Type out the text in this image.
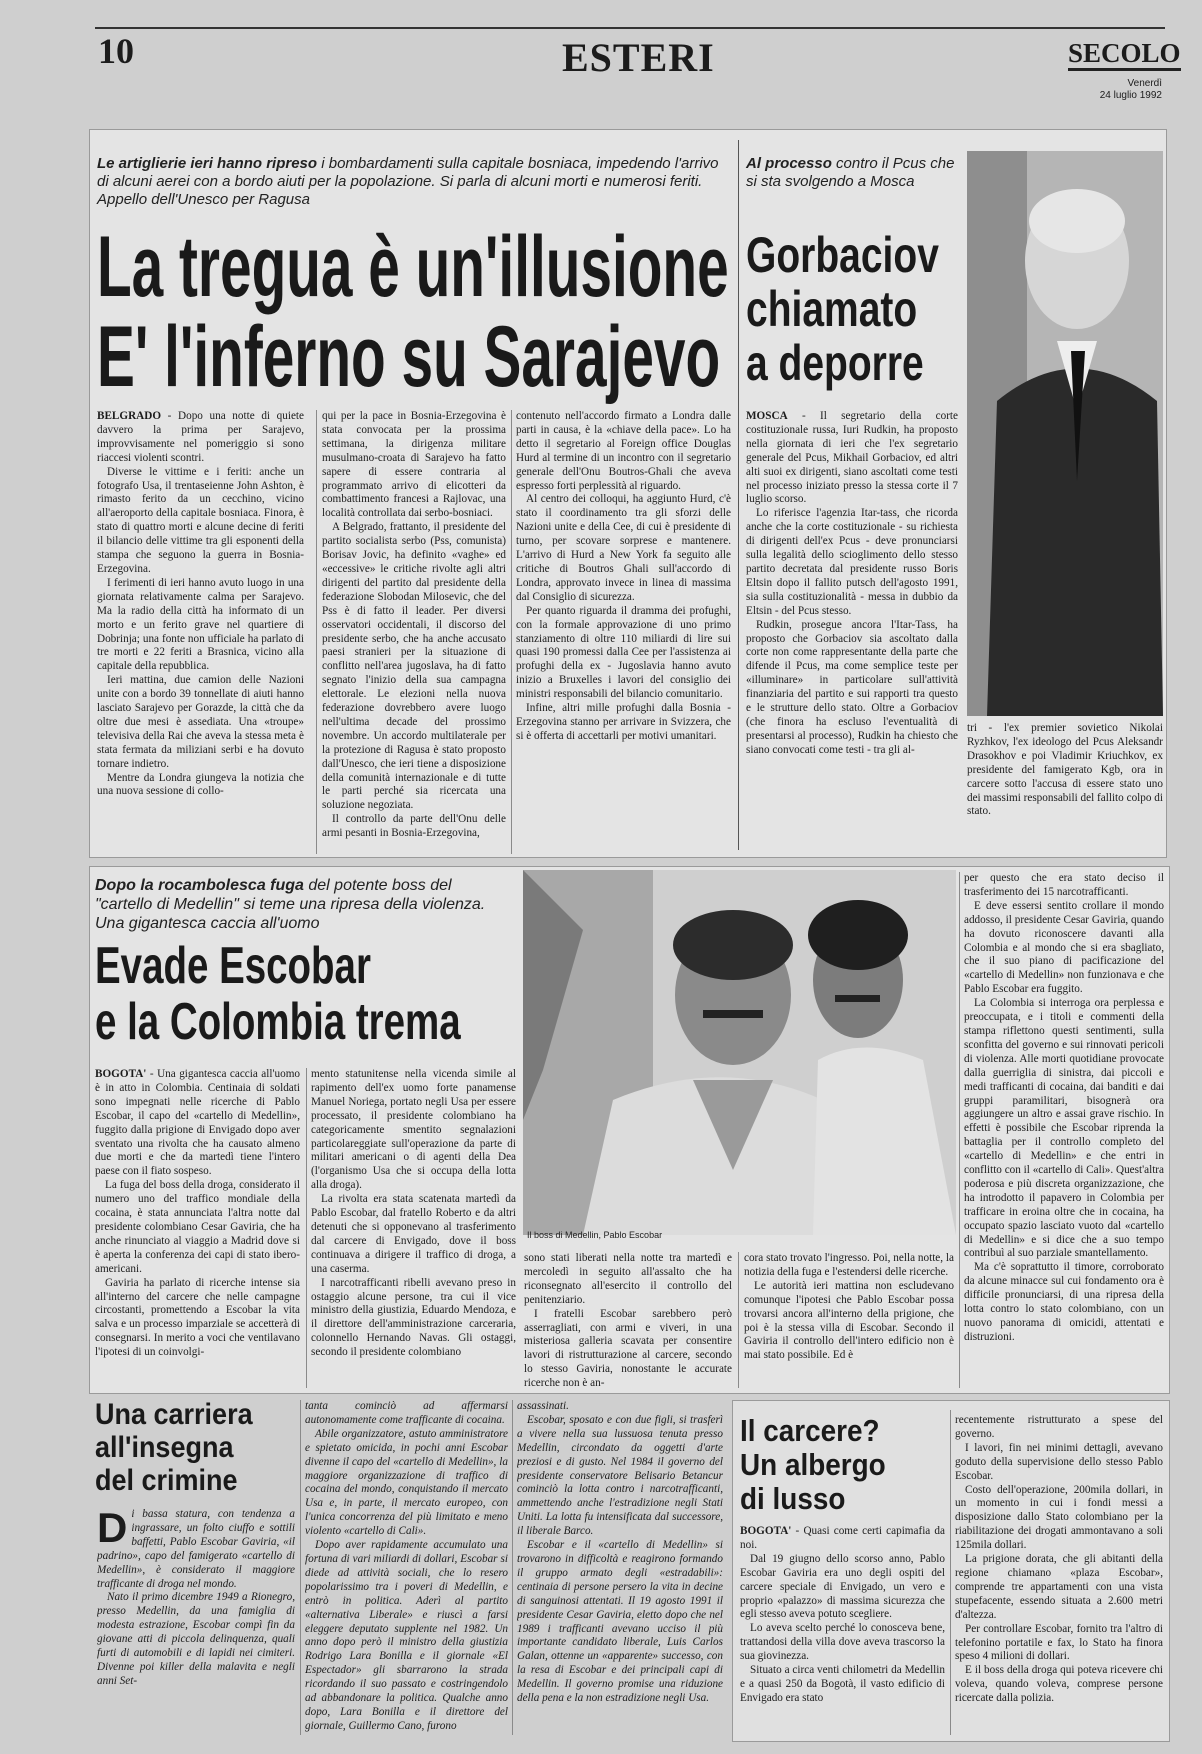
10	ESTERI	SECOLO
Venerdì
24 luglio 1992
Le artiglierie ieri hanno ripreso i bombardamenti sulla capitale bosniaca, impedendo l'arrivo di alcuni aerei con a bordo aiuti per la popolazione. Si parla di alcuni morti e numerosi feriti. Appello dell'Unesco per Ragusa
La tregua è un'illusione
E' l'inferno su Sarajevo

BELGRADO - Dopo una notte di quiete davvero la prima per Sarajevo, improvvisamente nel pomeriggio si sono riaccesi violenti scontri.

Diverse le vittime e i feriti: anche un fotografo Usa, il trentaseienne John Ashton, è rimasto ferito da un cecchino, vicino all'aeroporto della capitale bosniaca. Finora, è stato di quattro morti e alcune decine di feriti il bilancio delle vittime tra gli esponenti della stampa che seguono la guerra in Bosnia-Erzegovina.

I ferimenti di ieri hanno avuto luogo in una giornata relativamente calma per Sarajevo. Ma la radio della città ha informato di un morto e un ferito grave nel quartiere di Dobrinja; una fonte non ufficiale ha parlato di tre morti e 22 feriti a Brasnica, vicino alla capitale della repubblica.

Ieri mattina, due camion delle Nazioni unite con a bordo 39 tonnellate di aiuti hanno lasciato Sarajevo per Gorazde, la città che da oltre due mesi è assediata. Una «troupe» televisiva della Rai che aveva la stessa meta è stata fermata da miliziani serbi e ha dovuto tornare indietro.

Mentre da Londra giungeva la notizia che una nuova sessione di collo-

qui per la pace in Bosnia-Erzegovina è stata convocata per la prossima settimana, la dirigenza militare musulmano-croata di Sarajevo ha fatto sapere di essere contraria al programmato arrivo di elicotteri da combattimento francesi a Rajlovac, una località controllata dai serbo-bosniaci.

A Belgrado, frattanto, il presidente del partito socialista serbo (Pss, comunista) Borisav Jovic, ha definito «vaghe» ed «eccessive» le critiche rivolte agli altri dirigenti del partito dal presidente della federazione Slobodan Milosevic, che del Pss è di fatto il leader. Per diversi osservatori occidentali, il discorso del presidente serbo, che ha anche accusato paesi stranieri per la situazione di conflitto nell'area jugoslava, ha di fatto segnato l'inizio della sua campagna elettorale. Le elezioni nella nuova federazione dovrebbero avere luogo nell'ultima decade del prossimo novembre. Un accordo multilaterale per la protezione di Ragusa è stato proposto dall'Unesco, che ieri tiene a disposizione della comunità internazionale e di tutte le parti perché sia ricercata una soluzione negoziata.

Il controllo da parte dell'Onu delle armi pesanti in Bosnia-Erzegovina,

contenuto nell'accordo firmato a Londra dalle parti in causa, è la «chiave della pace». Lo ha detto il segretario al Foreign office Douglas Hurd al termine di un incontro con il segretario generale dell'Onu Boutros-Ghali che aveva espresso forti perplessità al riguardo.

Al centro dei colloqui, ha aggiunto Hurd, c'è stato il coordinamento tra gli sforzi delle Nazioni unite e della Cee, di cui è presidente di turno, per scovare sorprese e mantenere. L'arrivo di Hurd a New York fa seguito alle critiche di Boutros Ghali sull'accordo di Londra, approvato invece in linea di massima dal Consiglio di sicurezza.

Per quanto riguarda il dramma dei profughi, con la formale approvazione di uno primo stanziamento di oltre 110 miliardi di lire sui quasi 190 promessi dalla Cee per l'assistenza ai profughi della ex - Jugoslavia hanno avuto inizio a Bruxelles i lavori del consiglio dei ministri responsabili del bilancio comunitario.

Infine, altri mille profughi dalla Bosnia - Erzegovina stanno per arrivare in Svizzera, che si è offerta di accettarli per motivi umanitari.

Al processo contro il Pcus che si sta svolgendo a Mosca
Gorbaciov
chiamato
a deporre

MOSCA - Il segretario della corte costituzionale russa, Iuri Rudkin, ha proposto nella giornata di ieri che l'ex segretario generale del Pcus, Mikhail Gorbaciov, ed altri alti suoi ex dirigenti, siano ascoltati come testi nel processo iniziato presso la stessa corte il 7 luglio scorso.

Lo riferisce l'agenzia Itar-tass, che ricorda anche che la corte costituzionale - su richiesta di dirigenti dell'ex Pcus - deve pronunciarsi sulla legalità dello scioglimento dello stesso partito decretata dal presidente russo Boris Eltsin dopo il fallito putsch dell'agosto 1991, sia sulla costituzionalità - messa in dubbio da Eltsin - del Pcus stesso.

Rudkin, prosegue ancora l'Itar-Tass, ha proposto che Gorbaciov sia ascoltato dalla corte non come rappresentante della parte che difende il Pcus, ma come semplice teste per «illuminare» in particolare sull'attività finanziaria del partito e sui rapporti tra questo e le strutture dello stato. Oltre a Gorbaciov (che finora ha escluso l'eventualità di presentarsi al processo), Rudkin ha chiesto che siano convocati come testi - tra gli al-

tri - l'ex premier sovietico Nikolai Ryzhkov, l'ex ideologo del Pcus Aleksandr Drasokhov e poi Vladimir Kriuchkov, ex presidente del famigerato Kgb, ora in carcere sotto l'accusa di essere stato uno dei massimi responsabili del fallito colpo di stato.

Dopo la rocambolesca fuga del potente boss del "cartello di Medellin" si teme una ripresa della violenza. Una gigantesca caccia all'uomo
Evade Escobar
e la Colombia trema

BOGOTA' - Una gigantesca caccia all'uomo è in atto in Colombia. Centinaia di soldati sono impegnati nelle ricerche di Pablo Escobar, il capo del «cartello di Medellin», fuggito dalla prigione di Envigado dopo aver sventato una rivolta che ha causato almeno due morti e che da martedì tiene l'intero paese con il fiato sospeso.

La fuga del boss della droga, considerato il numero uno del traffico mondiale della cocaina, è stata annunciata l'altra notte dal presidente colombiano Cesar Gaviria, che ha anche rinunciato al viaggio a Madrid dove si è aperta la conferenza dei capi di stato ibero-americani.

Gaviria ha parlato di ricerche intense sia all'interno del carcere che nelle campagne circostanti, promettendo a Escobar la vita salva e un processo imparziale se accetterà di consegnarsi. In merito a voci che ventilavano l'ipotesi di un coinvolgi-

mento statunitense nella vicenda simile al rapimento dell'ex uomo forte panamense Manuel Noriega, portato negli Usa per essere processato, il presidente colombiano ha categoricamente smentito segnalazioni particolareggiate sull'operazione da parte di militari americani o di agenti della Dea (l'organismo Usa che si occupa della lotta alla droga).

La rivolta era stata scatenata martedì da Pablo Escobar, dal fratello Roberto e da altri detenuti che si opponevano al trasferimento dal carcere di Envigado, dove il boss continuava a dirigere il traffico di droga, a una caserma.

I narcotrafficanti ribelli avevano preso in ostaggio alcune persone, tra cui il vice ministro della giustizia, Eduardo Mendoza, e il direttore dell'amministrazione carceraria, colonnello Hernando Navas. Gli ostaggi, secondo il presidente colombiano

Il boss di Medellin, Pablo Escobar

sono stati liberati nella notte tra martedì e mercoledì in seguito all'assalto che ha riconsegnato all'esercito il controllo del penitenziario.

I fratelli Escobar sarebbero però asserragliati, con armi e viveri, in una misteriosa galleria scavata per consentire lavori di ristrutturazione al carcere, secondo lo stesso Gaviria, nonostante le accurate ricerche non è an-

cora stato trovato l'ingresso. Poi, nella notte, la notizia della fuga e l'estendersi delle ricerche.

Le autorità ieri mattina non escludevano comunque l'ipotesi che Pablo Escobar possa trovarsi ancora all'interno della prigione, che poi è la stessa villa di Escobar. Secondo il Gaviria il controllo dell'intero edificio non è mai stato possibile. Ed è

per questo che era stato deciso il trasferimento dei 15 narcotrafficanti.

E deve essersi sentito crollare il mondo addosso, il presidente Cesar Gaviria, quando ha dovuto riconoscere davanti alla Colombia e al mondo che si era sbagliato, che il suo piano di pacificazione del «cartello di Medellin» non funzionava e che Pablo Escobar era fuggito.

La Colombia si interroga ora perplessa e preoccupata, e i titoli e commenti della stampa riflettono questi sentimenti, sulla sconfitta del governo e sui rinnovati pericoli di violenza. Alle morti quotidiane provocate dalla guerriglia di sinistra, dai piccoli e medi trafficanti di cocaina, dai banditi e dai gruppi paramilitari, bisognerà ora aggiungere un altro e assai grave rischio. In effetti è possibile che Escobar riprenda la battaglia per il controllo completo del «cartello di Medellin» e che entri in conflitto con il «cartello di Cali». Quest'altra poderosa e più discreta organizzazione, che ha introdotto il papavero in Colombia per trafficare in eroina oltre che in cocaina, ha occupato spazio lasciato vuoto dal «cartello di Medellin» e si dice che a suo tempo contribuì al suo parziale smantellamento.

Ma c'è soprattutto il timore, corroborato da alcune minacce sul cui fondamento ora è difficile pronunciarsi, di una ripresa della lotta contro lo stato colombiano, con un nuovo panorama di omicidi, attentati e distruzioni.

Una carriera
all'insegna
del crimine

Di bassa statura, con tendenza a ingrassare, un folto ciuffo e sottili baffetti, Pablo Escobar Gaviria, «il padrino», capo del famigerato «cartello di Medellin», è considerato il maggiore trafficante di droga nel mondo.

Nato il primo dicembre 1949 a Rionegro, presso Medellin, da una famiglia di modesta estrazione, Escobar compì fin da giovane atti di piccola delinquenza, quali furti di automobili e di lapidi nei cimiteri. Divenne poi killer della malavita e negli anni Set-

tanta cominciò ad affermarsi autonomamente come trafficante di cocaina.

Abile organizzatore, astuto amministratore e spietato omicida, in pochi anni Escobar divenne il capo del «cartello di Medellin», la maggiore organizzazione di traffico di cocaina del mondo, conquistando il mercato Usa e, in parte, il mercato europeo, con l'unica concorrenza del più limitato e meno violento «cartello di Cali».

Dopo aver rapidamente accumulato una fortuna di vari miliardi di dollari, Escobar si diede ad attività sociali, che lo resero popolarissimo tra i poveri di Medellin, e entrò in politica. Aderì al partito «alternativa Liberale» e riuscì a farsi eleggere deputato supplente nel 1982. Un anno dopo però il ministro della giustizia Rodrigo Lara Bonilla e il giornale «El Espectador» gli sbarrarono la strada ricordando il suo passato e costringendolo ad abbandonare la politica. Qualche anno dopo, Lara Bonilla e il direttore del giornale, Guillermo Cano, furono

assassinati.

Escobar, sposato e con due figli, si trasferì a vivere nella sua lussuosa tenuta presso Medellin, circondato da oggetti d'arte preziosi e di gusto. Nel 1984 il governo del presidente conservatore Belisario Betancur cominciò la lotta contro i narcotrafficanti, ammettendo anche l'estradizione negli Stati Uniti. La lotta fu intensificata dal successore, il liberale Barco.

Escobar e il «cartello di Medellin» si trovarono in difficoltà e reagirono formando il gruppo armato degli «estradabili»: centinaia di persone persero la vita in decine di sanguinosi attentati. Il 19 agosto 1991 il presidente Cesar Gaviria, eletto dopo che nel 1989 i trafficanti avevano ucciso il più importante candidato liberale, Luis Carlos Galan, ottenne un «apparente» successo, con la resa di Escobar e dei principali capi di Medellin. Il governo promise una riduzione della pena e la non estradizione negli Usa.

Il carcere?
Un albergo
di lusso

BOGOTA' - Quasi come certi capimafia da noi.

Dal 19 giugno dello scorso anno, Pablo Escobar Gaviria era uno degli ospiti del carcere speciale di Envigado, un vero e proprio «palazzo» di massima sicurezza che egli stesso aveva potuto scegliere.

Lo aveva scelto perché lo conosceva bene, trattandosi della villa dove aveva trascorso la sua giovinezza.

Situato a circa venti chilometri da Medellin e a quasi 250 da Bogotà, il vasto edificio di Envigado era stato

recentemente ristrutturato a spese del governo.

I lavori, fin nei minimi dettagli, avevano goduto della supervisione dello stesso Pablo Escobar.

Costo dell'operazione, 200mila dollari, in un momento in cui i fondi messi a disposizione dallo Stato colombiano per la riabilitazione dei drogati ammontavano a soli 125mila dollari.

La prigione dorata, che gli abitanti della regione chiamano «plaza Escobar», comprende tre appartamenti con una vista stupefacente, essendo situata a 2.600 metri d'altezza.

Per controllare Escobar, fornito tra l'altro di telefonino portatile e fax, lo Stato ha finora speso 4 milioni di dollari.

E il boss della droga qui poteva ricevere chi voleva, quando voleva, comprese persone ricercate dalla polizia.
